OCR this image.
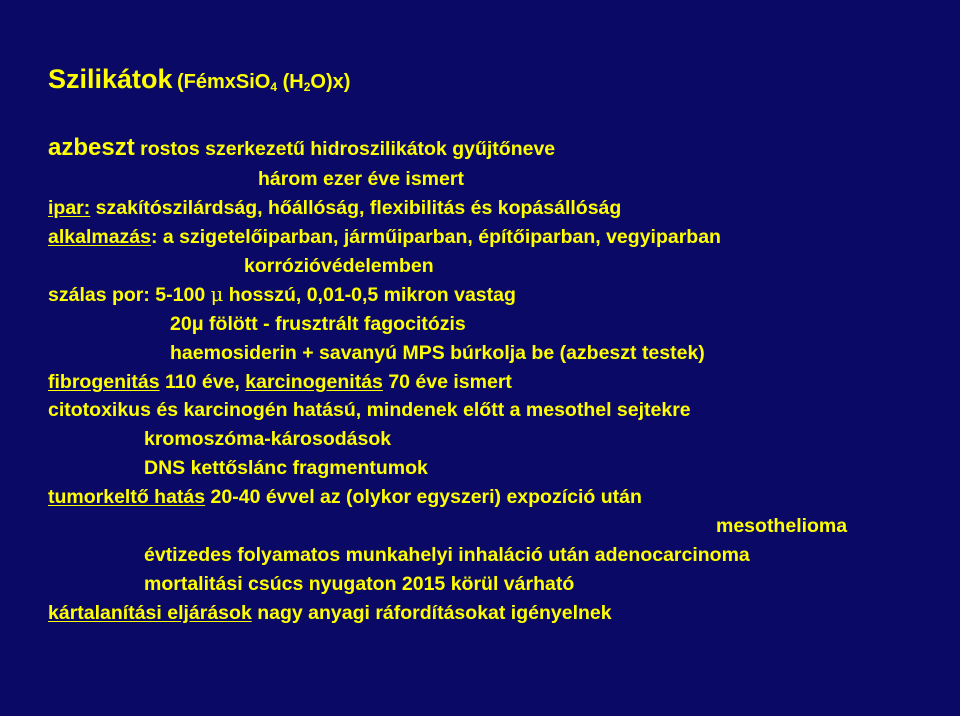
Szilikátok (FémxSiO$_4$ $(H_2O)x$)
azbeszt rostos szerkezetű hidroszilikátok gyűjtőneve
három ezer éve ismert
ipar: szakítószilárdság, hőállóság, flexibilitás és kopásállóság
alkalmazás: a szigetelőiparban, járműiparban, építőiparban, vegyiparban
korrózióvédelemben
szálas por: 5-100 μ hosszú, 0,01-0,5 mikron vastag
20μ fölött - frusztrált fagocitózis
haemosiderin + savanyú MPS búrkolja be (azbeszt testek)
fibrogenitás 110 éve, karcinogenitás 70 éve ismert
citotoxikus és karcinogén hatású, mindenek előtt a mesothel sejtekre
kromoszóma-károsodások
DNS kettőslánc fragmentumok
tumorkeltő hatás 20-40 évvel az (olykor egyszeri) expozíció után
mesothelioma
évtizedes folyamatos munkahelyi inhaláció után adenocarcinoma
mortalitási csúcs nyugaton 2015 körül várható
kártalanítási eljárások nagy anyagi ráfordításokat igényelnek
